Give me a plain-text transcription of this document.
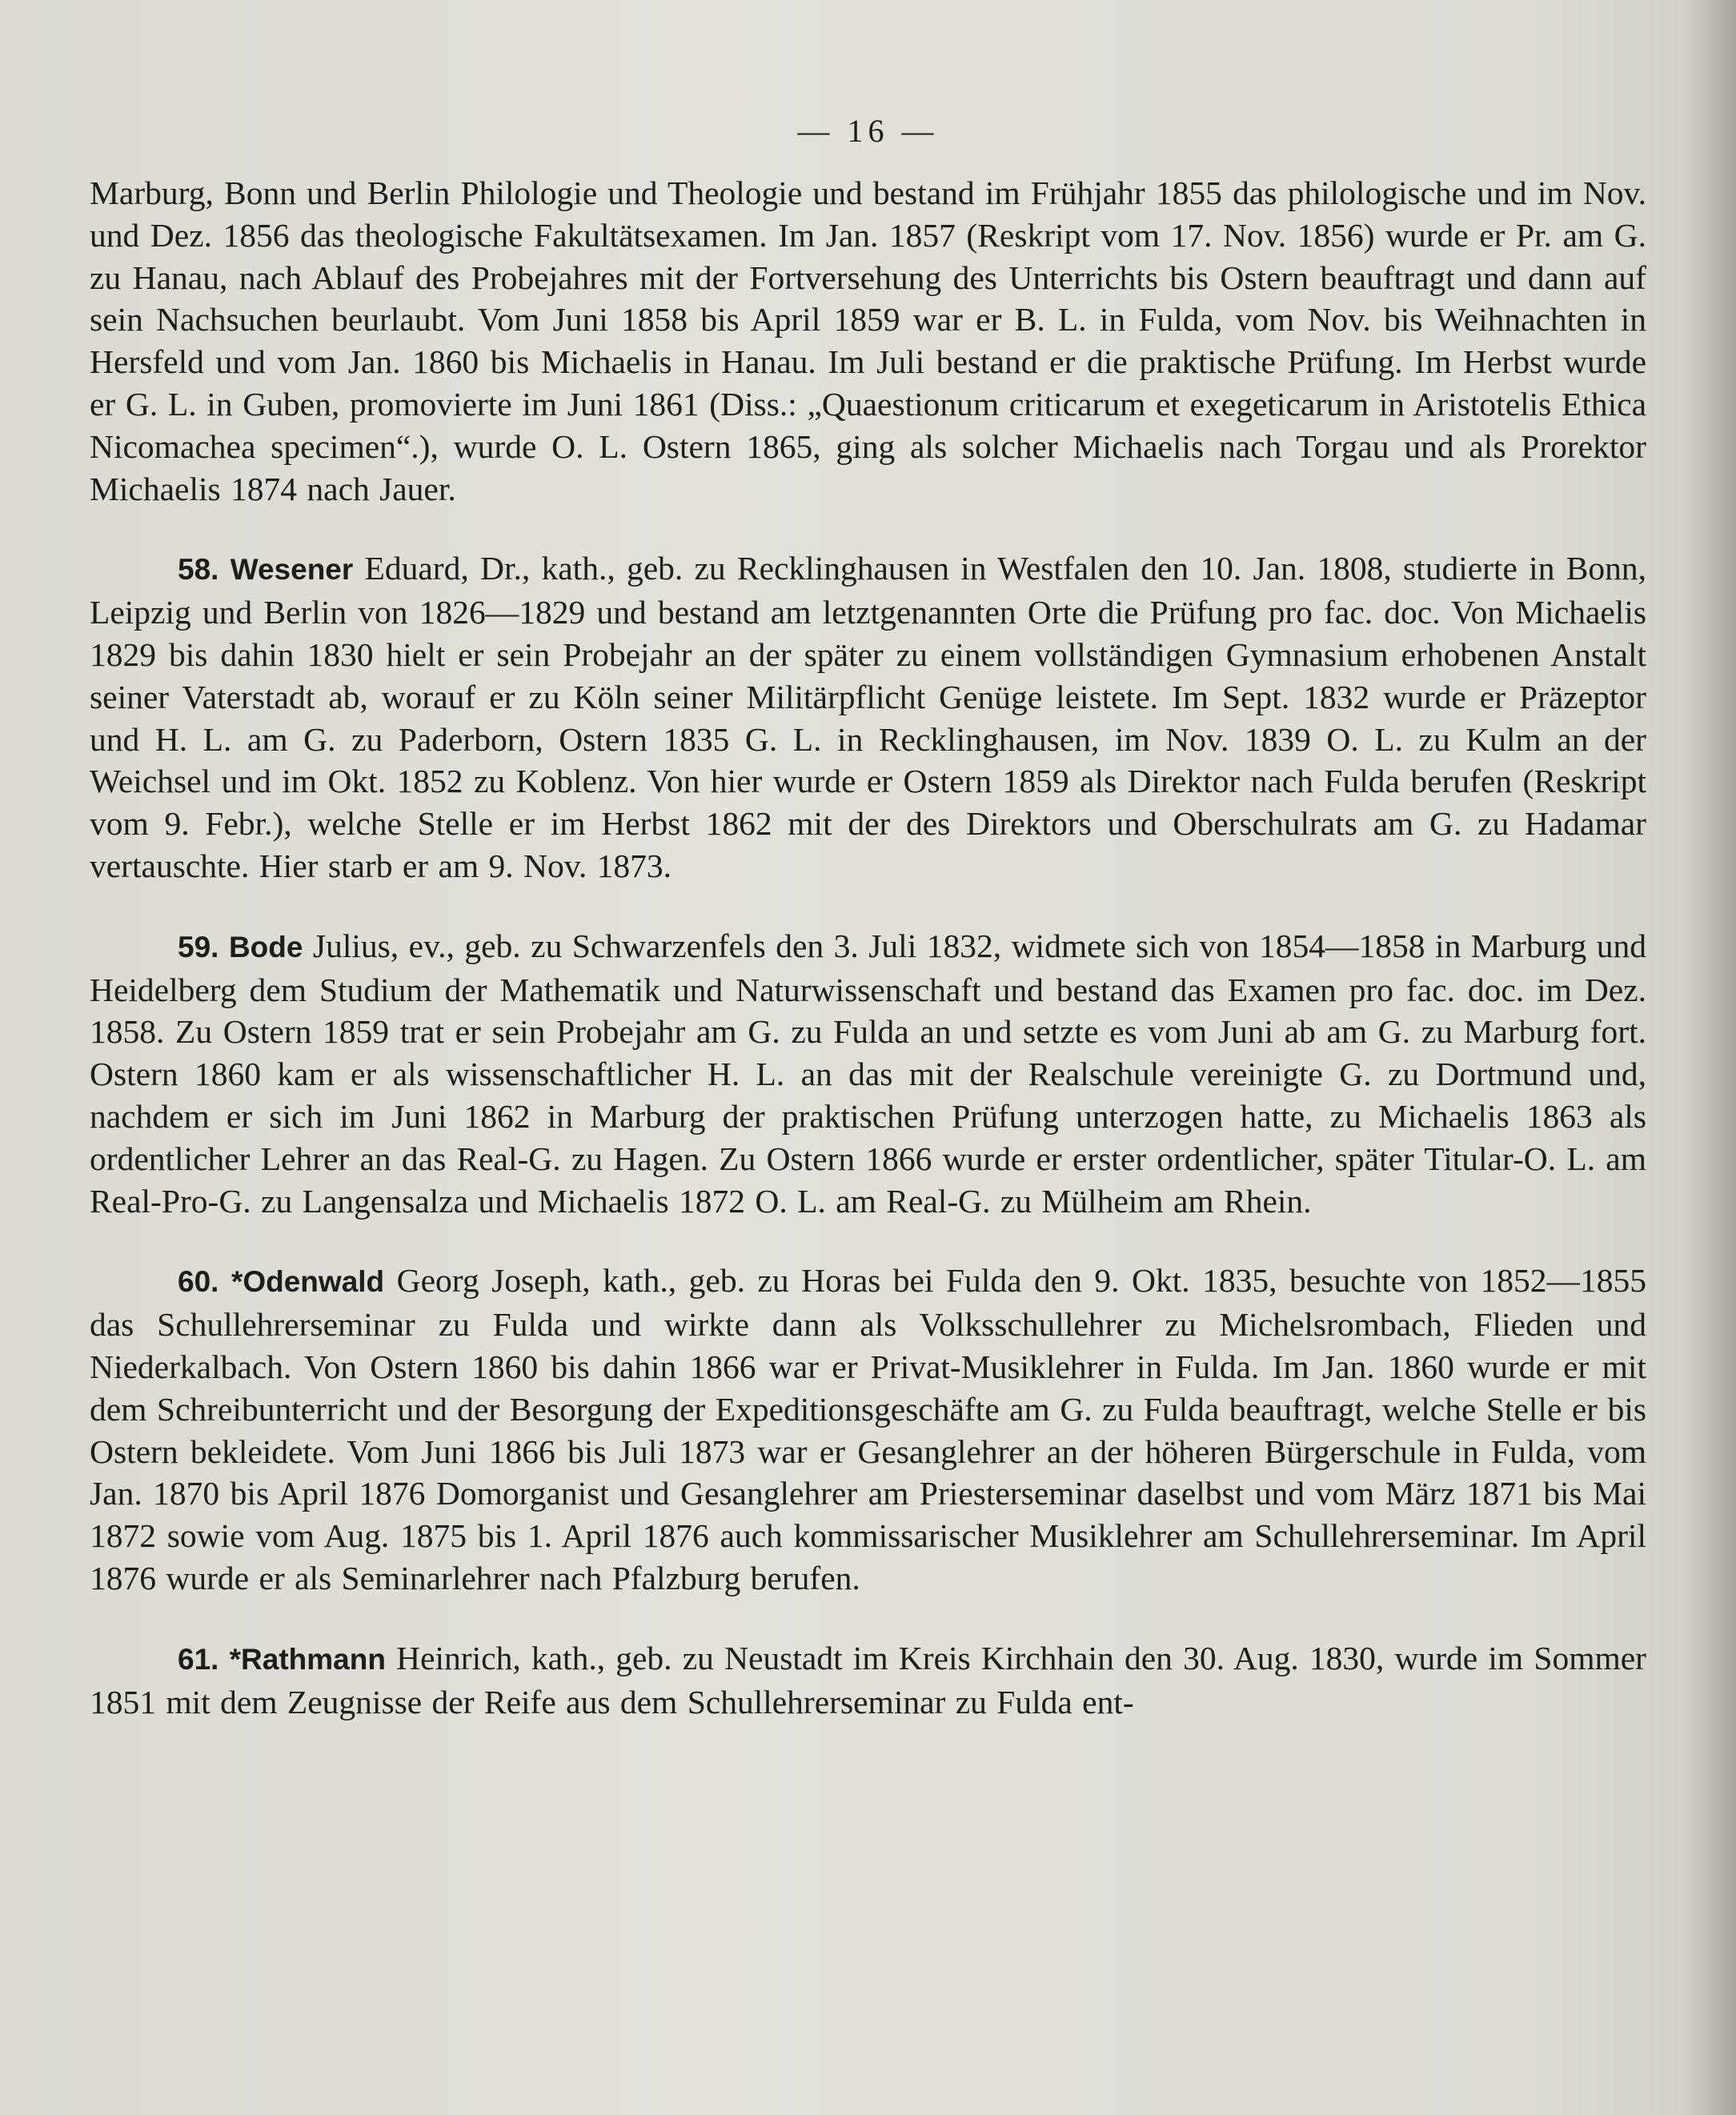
— 16 —

Marburg, Bonn und Berlin Philologie und Theologie und bestand im Frühjahr 1855 das philologische und im Nov. und Dez. 1856 das theologische Fakultätsexamen. Im Jan. 1857 (Reskript vom 17. Nov. 1856) wurde er Pr. am G. zu Hanau, nach Ablauf des Probejahres mit der Fortversehung des Unterrichts bis Ostern beauftragt und dann auf sein Nachsuchen beurlaubt. Vom Juni 1858 bis April 1859 war er B. L. in Fulda, vom Nov. bis Weihnachten in Hersfeld und vom Jan. 1860 bis Michaelis in Hanau. Im Juli bestand er die praktische Prüfung. Im Herbst wurde er G. L. in Guben, promovierte im Juni 1861 (Diss.: „Quaestionum criticarum et exegeticarum in Aristotelis Ethica Nicomachea specimen“.), wurde O. L. Ostern 1865, ging als solcher Michaelis nach Torgau und als Prorektor Michaelis 1874 nach Jauer.

58. Wesener Eduard, Dr., kath., geb. zu Recklinghausen in Westfalen den 10. Jan. 1808, studierte in Bonn, Leipzig und Berlin von 1826—1829 und bestand am letztgenannten Orte die Prüfung pro fac. doc. Von Michaelis 1829 bis dahin 1830 hielt er sein Probejahr an der später zu einem vollständigen Gymnasium erhobenen Anstalt seiner Vaterstadt ab, worauf er zu Köln seiner Militärpflicht Genüge leistete. Im Sept. 1832 wurde er Präzeptor und H. L. am G. zu Paderborn, Ostern 1835 G. L. in Recklinghausen, im Nov. 1839 O. L. zu Kulm an der Weichsel und im Okt. 1852 zu Koblenz. Von hier wurde er Ostern 1859 als Direktor nach Fulda berufen (Reskript vom 9. Febr.), welche Stelle er im Herbst 1862 mit der des Direktors und Oberschulrats am G. zu Hadamar vertauschte. Hier starb er am 9. Nov. 1873.

59. Bode Julius, ev., geb. zu Schwarzenfels den 3. Juli 1832, widmete sich von 1854—1858 in Marburg und Heidelberg dem Studium der Mathematik und Naturwissenschaft und bestand das Examen pro fac. doc. im Dez. 1858. Zu Ostern 1859 trat er sein Probejahr am G. zu Fulda an und setzte es vom Juni ab am G. zu Marburg fort. Ostern 1860 kam er als wissenschaftlicher H. L. an das mit der Realschule vereinigte G. zu Dortmund und, nachdem er sich im Juni 1862 in Marburg der praktischen Prüfung unterzogen hatte, zu Michaelis 1863 als ordentlicher Lehrer an das Real-G. zu Hagen. Zu Ostern 1866 wurde er erster ordentlicher, später Titular-O. L. am Real-Pro-G. zu Langensalza und Michaelis 1872 O. L. am Real-G. zu Mülheim am Rhein.

60. *Odenwald Georg Joseph, kath., geb. zu Horas bei Fulda den 9. Okt. 1835, besuchte von 1852—1855 das Schullehrerseminar zu Fulda und wirkte dann als Volksschullehrer zu Michelsrombach, Flieden und Niederkalbach. Von Ostern 1860 bis dahin 1866 war er Privat-Musiklehrer in Fulda. Im Jan. 1860 wurde er mit dem Schreibunterricht und der Besorgung der Expeditionsgeschäfte am G. zu Fulda beauftragt, welche Stelle er bis Ostern bekleidete. Vom Juni 1866 bis Juli 1873 war er Gesanglehrer an der höheren Bürgerschule in Fulda, vom Jan. 1870 bis April 1876 Domorganist und Gesanglehrer am Priesterseminar daselbst und vom März 1871 bis Mai 1872 sowie vom Aug. 1875 bis 1. April 1876 auch kommissarischer Musiklehrer am Schullehrerseminar. Im April 1876 wurde er als Seminarlehrer nach Pfalzburg berufen.

61. *Rathmann Heinrich, kath., geb. zu Neustadt im Kreis Kirchhain den 30. Aug. 1830, wurde im Sommer 1851 mit dem Zeugnisse der Reife aus dem Schullehrerseminar zu Fulda ent-
